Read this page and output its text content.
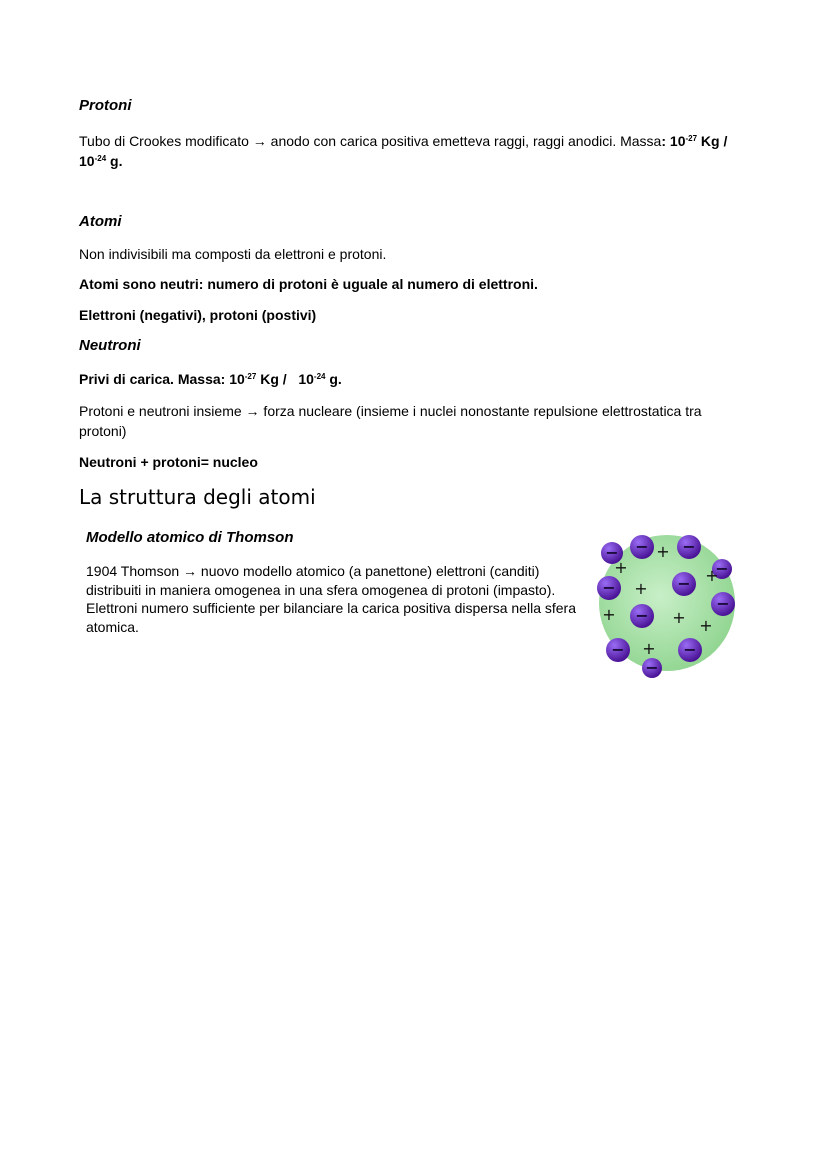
Protoni
Tubo di Crookes modificato → anodo con carica positiva emetteva raggi, raggi anodici. Massa: $10^{-27}$ Kg /
$10^{-24}$ g.
Atomi
Non indivisibili ma composti da elettroni e protoni.
Atomi sono neutri: numero di protoni è uguale al numero di elettroni.
Elettroni (negativi), protoni (postivi)
Neutroni
Privi di carica. Massa: $10^{-27}$ Kg /   $10^{-24}$ g.
Protoni e neutroni insieme → forza nucleare (insieme i nuclei nonostante repulsione elettrostatica tra protoni)
Neutroni + protoni= nucleo
La struttura degli atomi
Modello atomico di Thomson
1904 Thomson → nuovo modello atomico (a panettone) elettroni (canditi) distribuiti in maniera omogenea in una sfera omogenea di protoni (impasto). Elettroni numero sufficiente per bilanciare la carica positiva dispersa nella sfera atomica.
− − −
−
−	−
−
−
−	−
−
+
+
+
+
+	+ +
+
